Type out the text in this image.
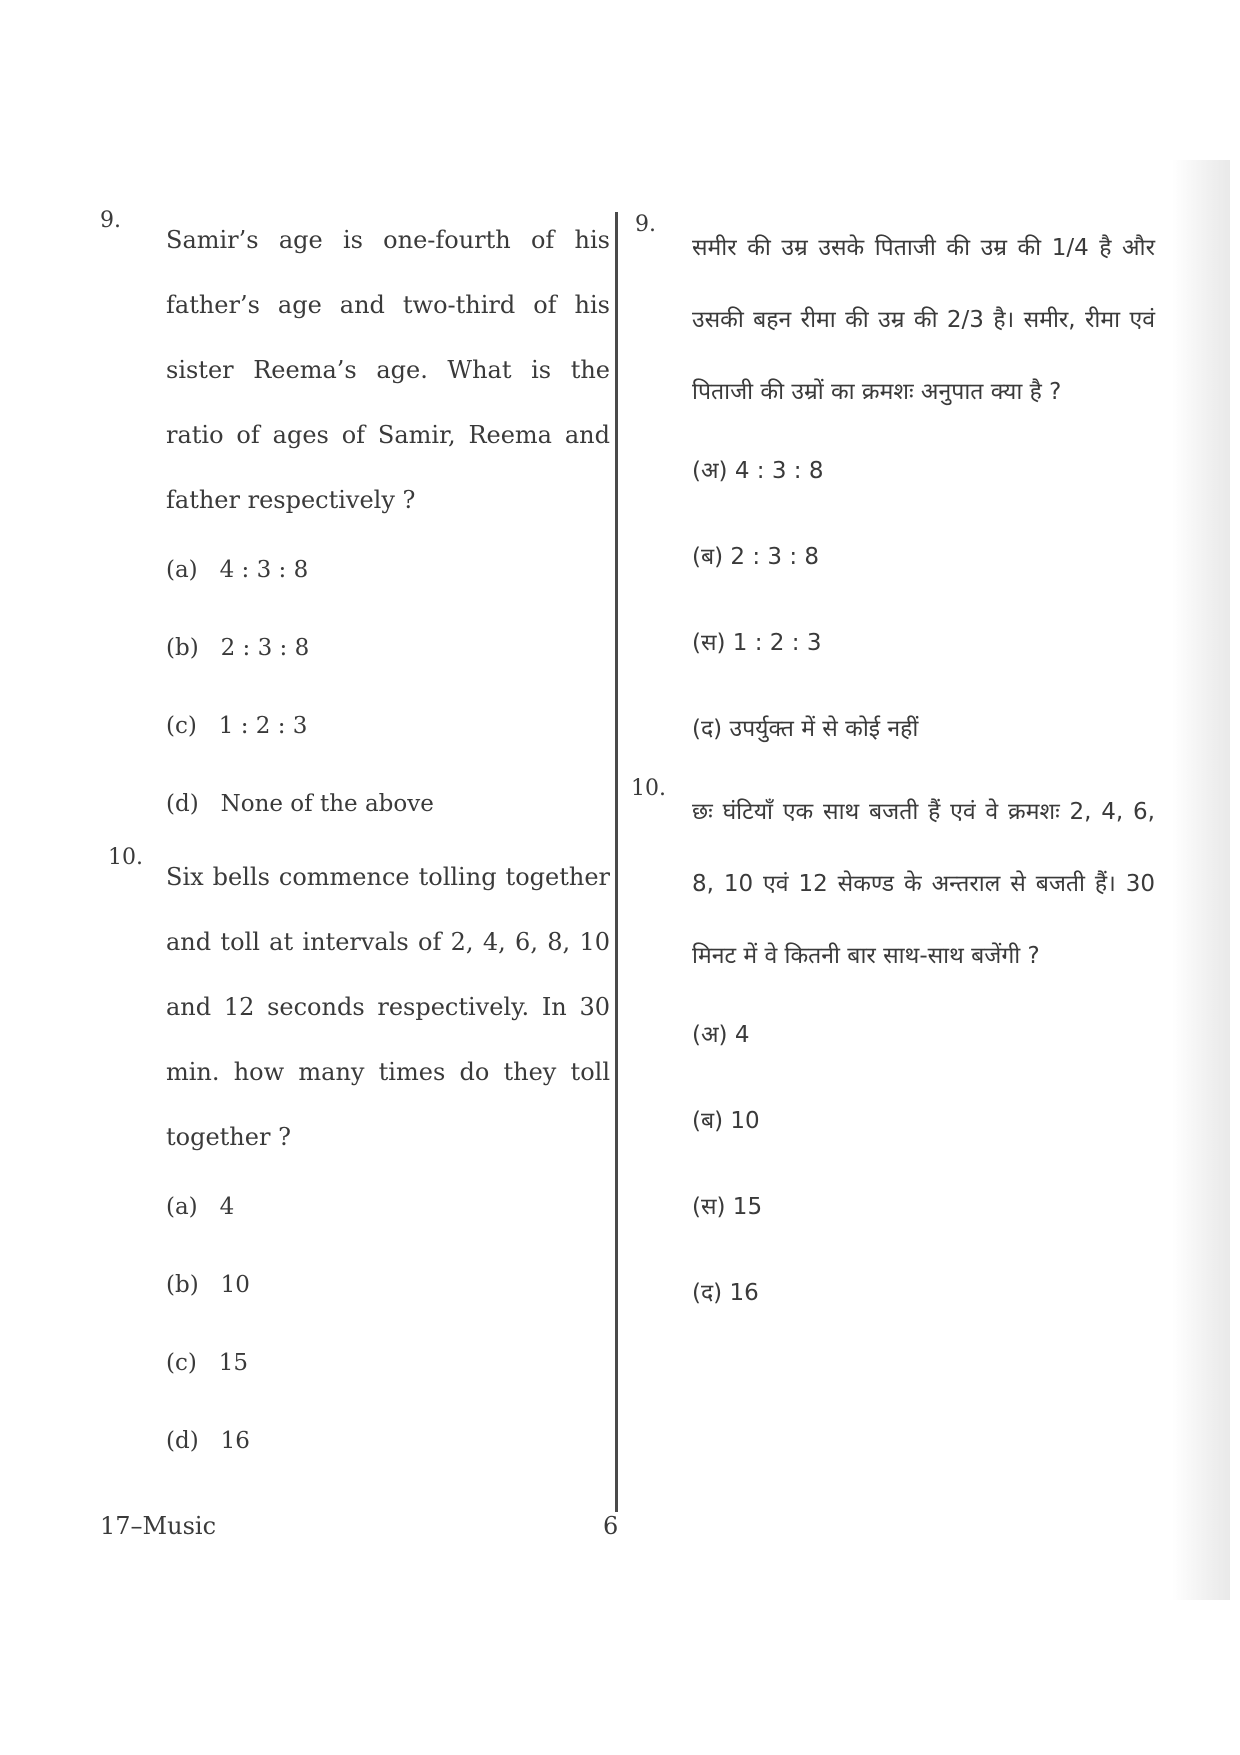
9.
Samir’s age is one-fourth of his father’s age and two-third of his sister Reema’s age. What is the ratio of ages of Samir, Reema and father respectively ?
(a)   4 : 3 : 8
(b)   2 : 3 : 8
(c)   1 : 2 : 3
(d)   None of the above
10.
Six bells commence tolling together and toll at intervals of 2, 4, 6, 8, 10 and 12 seconds respectively. In 30 min. how many times do they toll together ?
(a)   4
(b)   10
(c)   15
(d)   16
9.
समीर की उम्र उसके पिताजी की उम्र की 1/4 है और उसकी बहन रीमा की उम्र की 2/3 है। समीर, रीमा एवं पिताजी की उम्रों का क्रमशः अनुपात क्या है ?
(अ) 4 : 3 : 8
(ब) 2 : 3 : 8
(स) 1 : 2 : 3
(द) उपर्युक्त में से कोई नहीं
10.
छः घंटियाँ एक साथ बजती हैं एवं वे क्रमशः 2, 4, 6, 8, 10 एवं 12 सेकण्ड के अन्तराल से बजती हैं। 30 मिनट में वे कितनी बार साथ-साथ बजेंगी ?
(अ) 4
(ब) 10
(स) 15
(द) 16
17–Music	6
